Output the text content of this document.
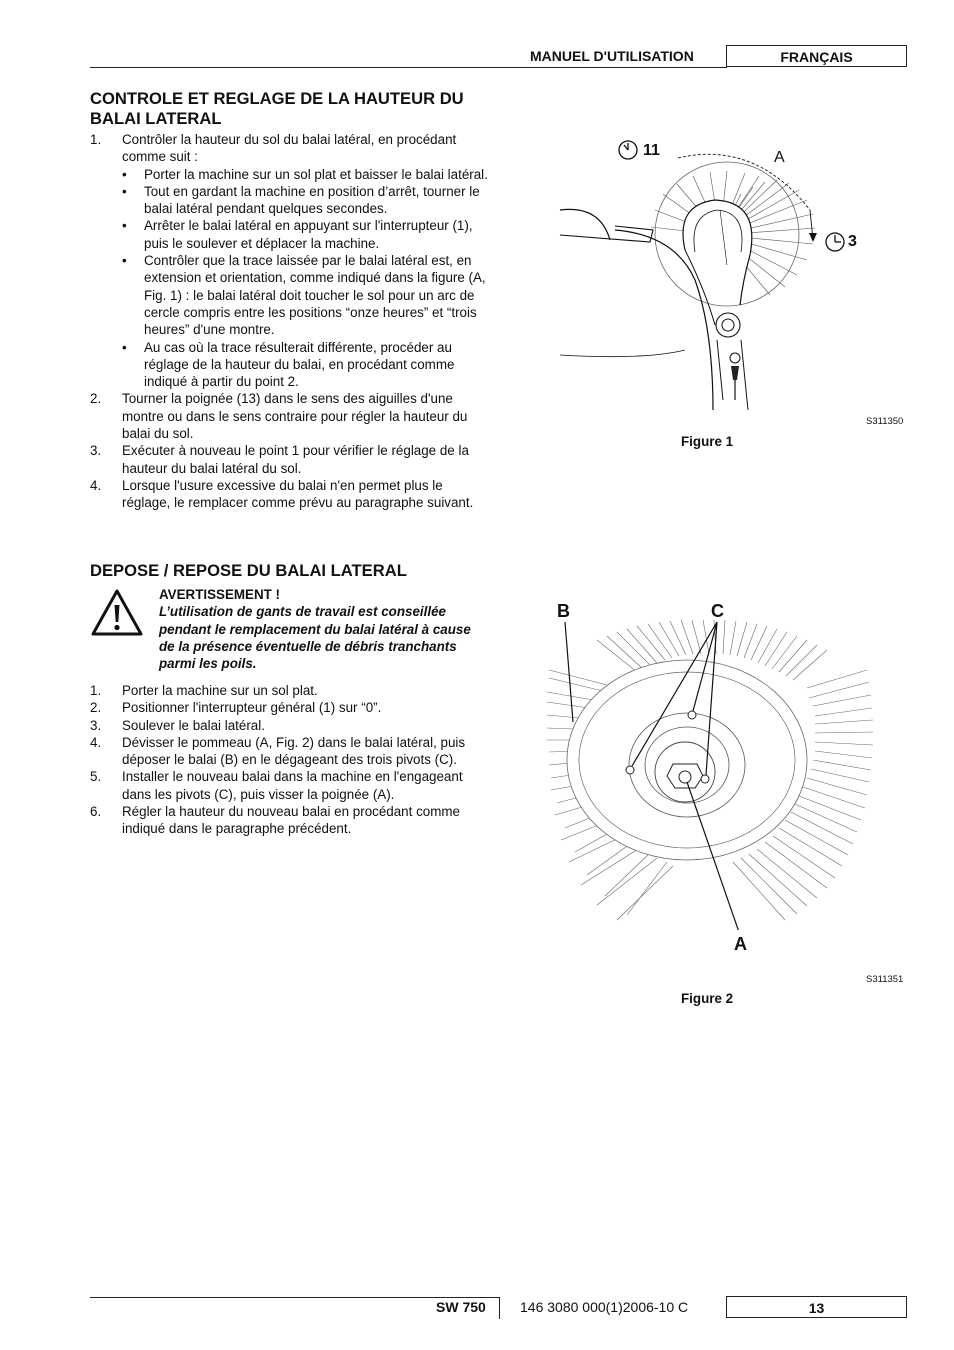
MANUEL D'UTILISATION	FRANÇAIS
CONTROLE ET REGLAGE DE LA HAUTEUR DU BALAI LATERAL
1. Contrôler la hauteur du sol du balai latéral, en procédant comme suit :
• Porter la machine sur un sol plat et baisser le balai latéral.
• Tout en gardant la machine en position d’arrêt, tourner le balai latéral pendant quelques secondes.
• Arrêter le balai latéral en appuyant sur l'interrupteur (1), puis le soulever et déplacer la machine.
• Contrôler que la trace laissée par le balai latéral est, en extension et orientation, comme indiqué dans la figure (A, Fig. 1) : le balai latéral doit toucher le sol pour un arc de cercle compris entre les positions “onze heures” et “trois heures” d'une montre.
• Au cas où la trace résulterait différente, procéder au réglage de la hauteur du balai, en procédant comme indiqué à partir du point 2.
2. Tourner la poignée (13) dans le sens des aiguilles d'une montre ou dans le sens contraire pour régler la hauteur du balai du sol.
3. Exécuter à nouveau le point 1 pour vérifier le réglage de la hauteur du balai latéral du sol.
4. Lorsque l'usure excessive du balai n'en permet plus le réglage, le remplacer comme prévu au paragraphe suivant.
DEPOSE / REPOSE DU BALAI LATERAL
AVERTISSEMENT !
L’utilisation de gants de travail est conseillée pendant le remplacement du balai latéral à cause de la présence éventuelle de débris tranchants parmi les poils.
1. Porter la machine sur un sol plat.
2. Positionner l'interrupteur général (1) sur “0”.
3. Soulever le balai latéral.
4. Dévisser le pommeau (A, Fig. 2) dans le balai latéral, puis déposer le balai (B) en le dégageant des trois pivots (C).
5. Installer le nouveau balai dans la machine en l'engageant dans les pivots (C), puis visser la poignée (A).
6. Régler la hauteur du nouveau balai en procédant comme indiqué dans le paragraphe précédent.
11	A
3
S311350
Figure 1
B	C
A
S311351
Figure 2
SW 750 146 3080 000(1)2006-10 C	13
